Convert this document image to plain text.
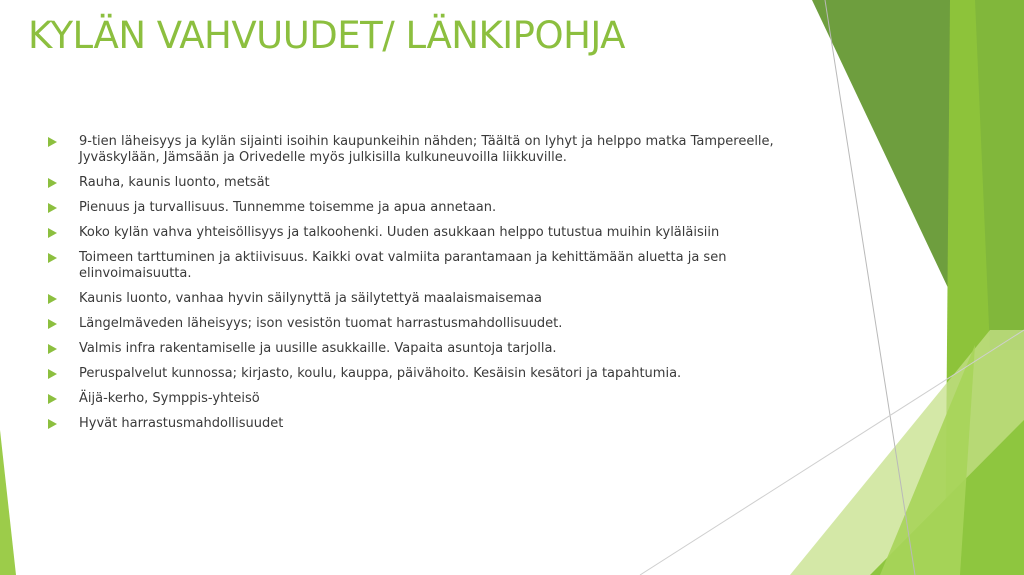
KYLÄN VAHVUUDET/ LÄNKIPOHJA
9-tien läheisyys ja kylän sijainti isoihin kaupunkeihin nähden; Täältä on lyhyt ja helppo matka Tampereelle, Jyväskylään, Jämsään ja Orivedelle myös julkisilla kulkuneuvoilla liikkuville.
Rauha, kaunis luonto, metsät
Pienuus ja turvallisuus. Tunnemme toisemme ja apua annetaan.
Koko kylän vahva yhteisöllisyys ja talkoohenki. Uuden asukkaan helppo tutustua muihin kyläläisiin
Toimeen tarttuminen ja aktiivisuus. Kaikki ovat valmiita parantamaan ja kehittämään aluetta ja sen elinvoimaisuutta.
Kaunis luonto, vanhaa hyvin säilynyttä ja säilytettyä maalaismaisemaa
Längelmäveden läheisyys; ison vesistön tuomat harrastusmahdollisuudet.
Valmis infra rakentamiselle ja uusille asukkaille. Vapaita asuntoja tarjolla.
Peruspalvelut kunnossa; kirjasto, koulu, kauppa, päivähoito. Kesäisin kesätori ja tapahtumia.
Äijä-kerho, Symppis-yhteisö
Hyvät harrastusmahdollisuudet
